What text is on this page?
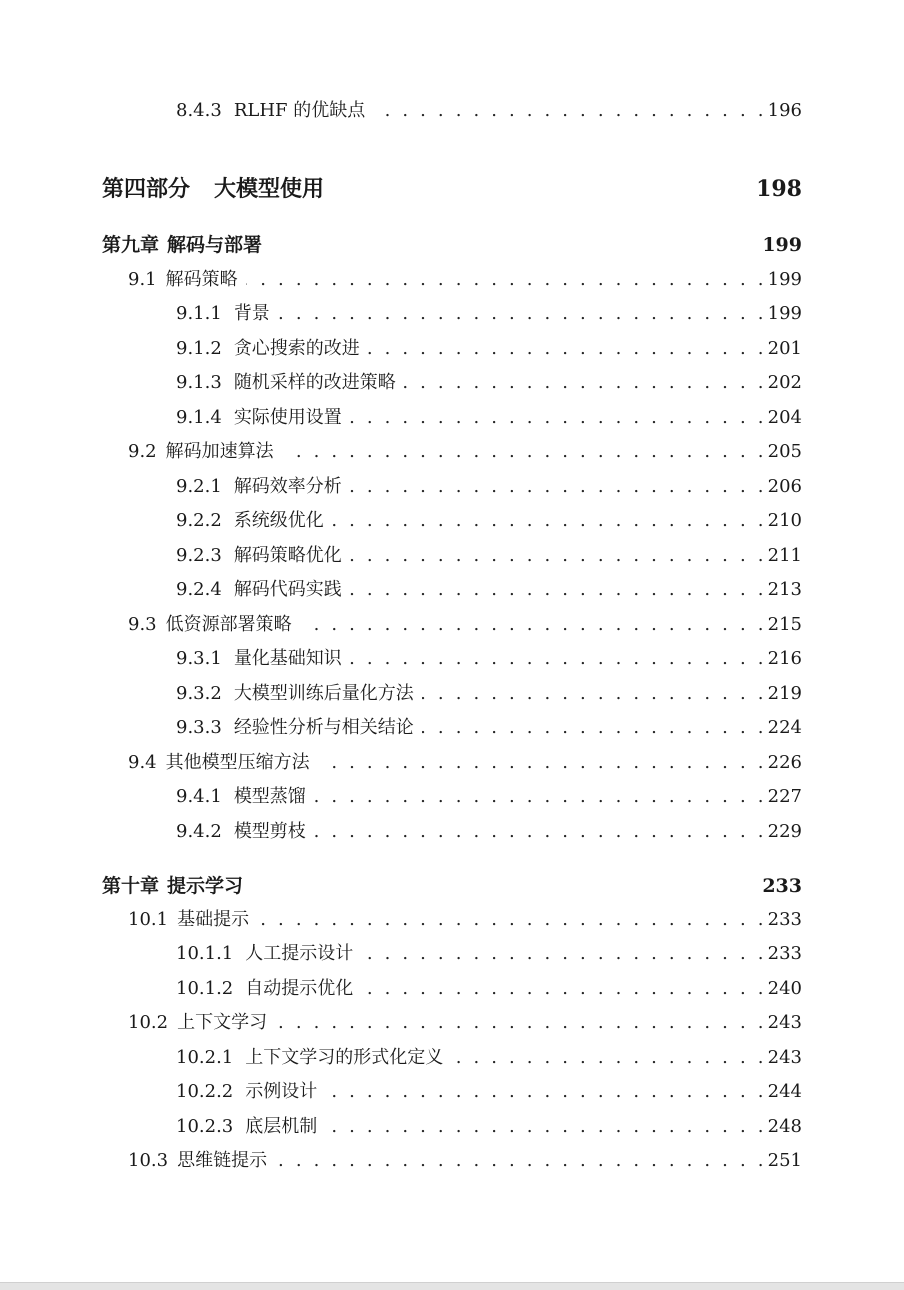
8.4.3 RLHF 的优缺点 . .	196
第四部分 大模型使用	198
第九章 解码与部署	199
9.1 解码策略 . .	199
9.1.1 背景 . .	199
9.1.2 贪心搜索的改进 . .	201
9.1.3 随机采样的改进策略 . .	202
9.1.4 实际使用设置 . .	204
9.2 解码加速算法 . .	205
9.2.1 解码效率分析 . .	206
9.2.2 系统级优化 . .	210
9.2.3 解码策略优化 . .	211
9.2.4 解码代码实践 . .	213
9.3 低资源部署策略 . .	215
9.3.1 量化基础知识 . .	216
9.3.2 大模型训练后量化方法 . .	219
9.3.3 经验性分析与相关结论 . .	224
9.4 其他模型压缩方法 . .	226
9.4.1 模型蒸馏 . .	227
9.4.2 模型剪枝 . .	229
第十章 提示学习	233
10.1 基础提示 . .	233
10.1.1 人工提示设计 . .	233
10.1.2 自动提示优化 . .	240
10.2 上下文学习 . .	243
10.2.1 上下文学习的形式化定义 . .	243
10.2.2 示例设计 . .	244
10.2.3 底层机制 . .	248
10.3 思维链提示 . .	251
